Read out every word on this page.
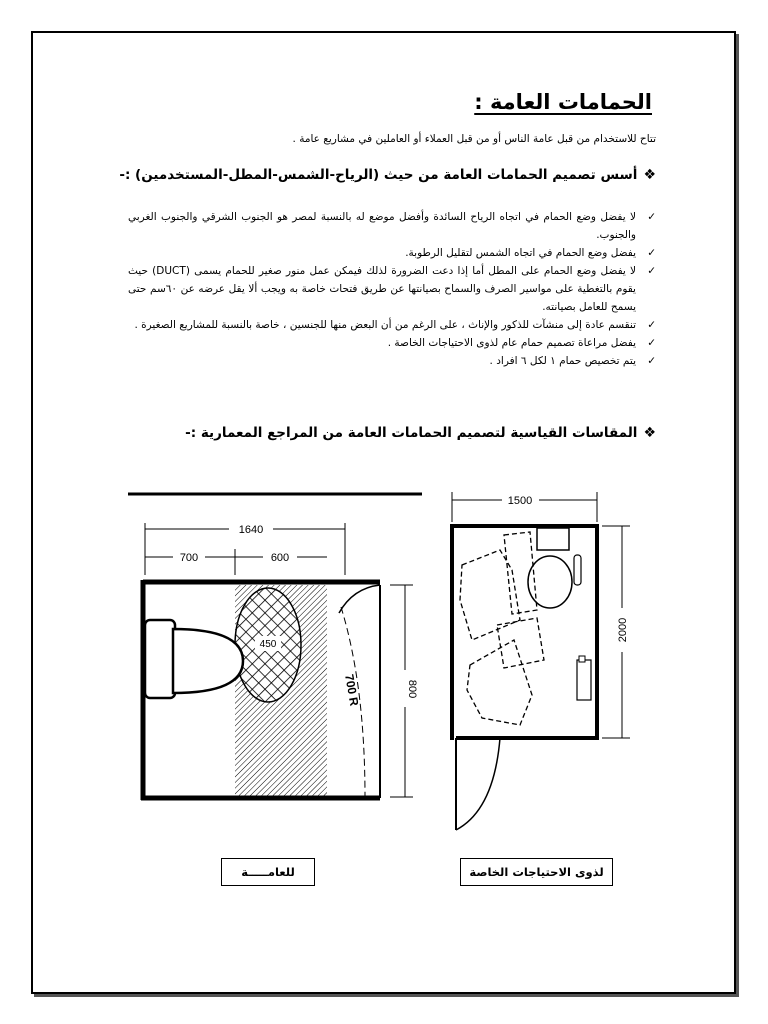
الحمامات العامة :
تتاح للاستخدام من قبل عامة الناس أو من قبل العملاء أو العاملين في مشاريع عامة .
❖أسس تصميم الحمامات العامة من حيث (الرياح-الشمس-المطل-المستخدمين) :-
✓
لا يفضل وضع الحمام في اتجاه الرياح السائدة وأفضل موضع له بالنسبة لمصر هو الجنوب الشرقي والجنوب الغربي والجنوب.
✓
يفضل وضع الحمام في اتجاه الشمس لتقليل الرطوبة.
✓
لا يفضل وضع الحمام على المطل أما إذا دعت الضرورة لذلك فيمكن عمل منور صغير للحمام يسمى (DUCT) حيث يقوم بالتغطية على مواسير الصرف والسماح بصيانتها عن طريق فتحات خاصة به ويجب ألا يقل عرضه عن ٦٠سم حتى يسمح للعامل بصيانته.
✓
تنقسم عادة إلى منشآت للذكور والإناث ، على الرغم من أن البعض منها للجنسين ، خاصة بالنسبة للمشاريع الصغيرة .
✓
يفضل مراعاة تصميم حمام عام لذوى الاحتياجات الخاصة .
✓
يتم تخصيص حمام ١ لكل ٦ افراد .
❖المقاسات القياسية لتصميم الحمامات العامة من المراجع المعمارية :-
1640
700	600
450
700 R	800
1500
2000
للعامـــــة	لذوى الاحتياجات الخاصة
